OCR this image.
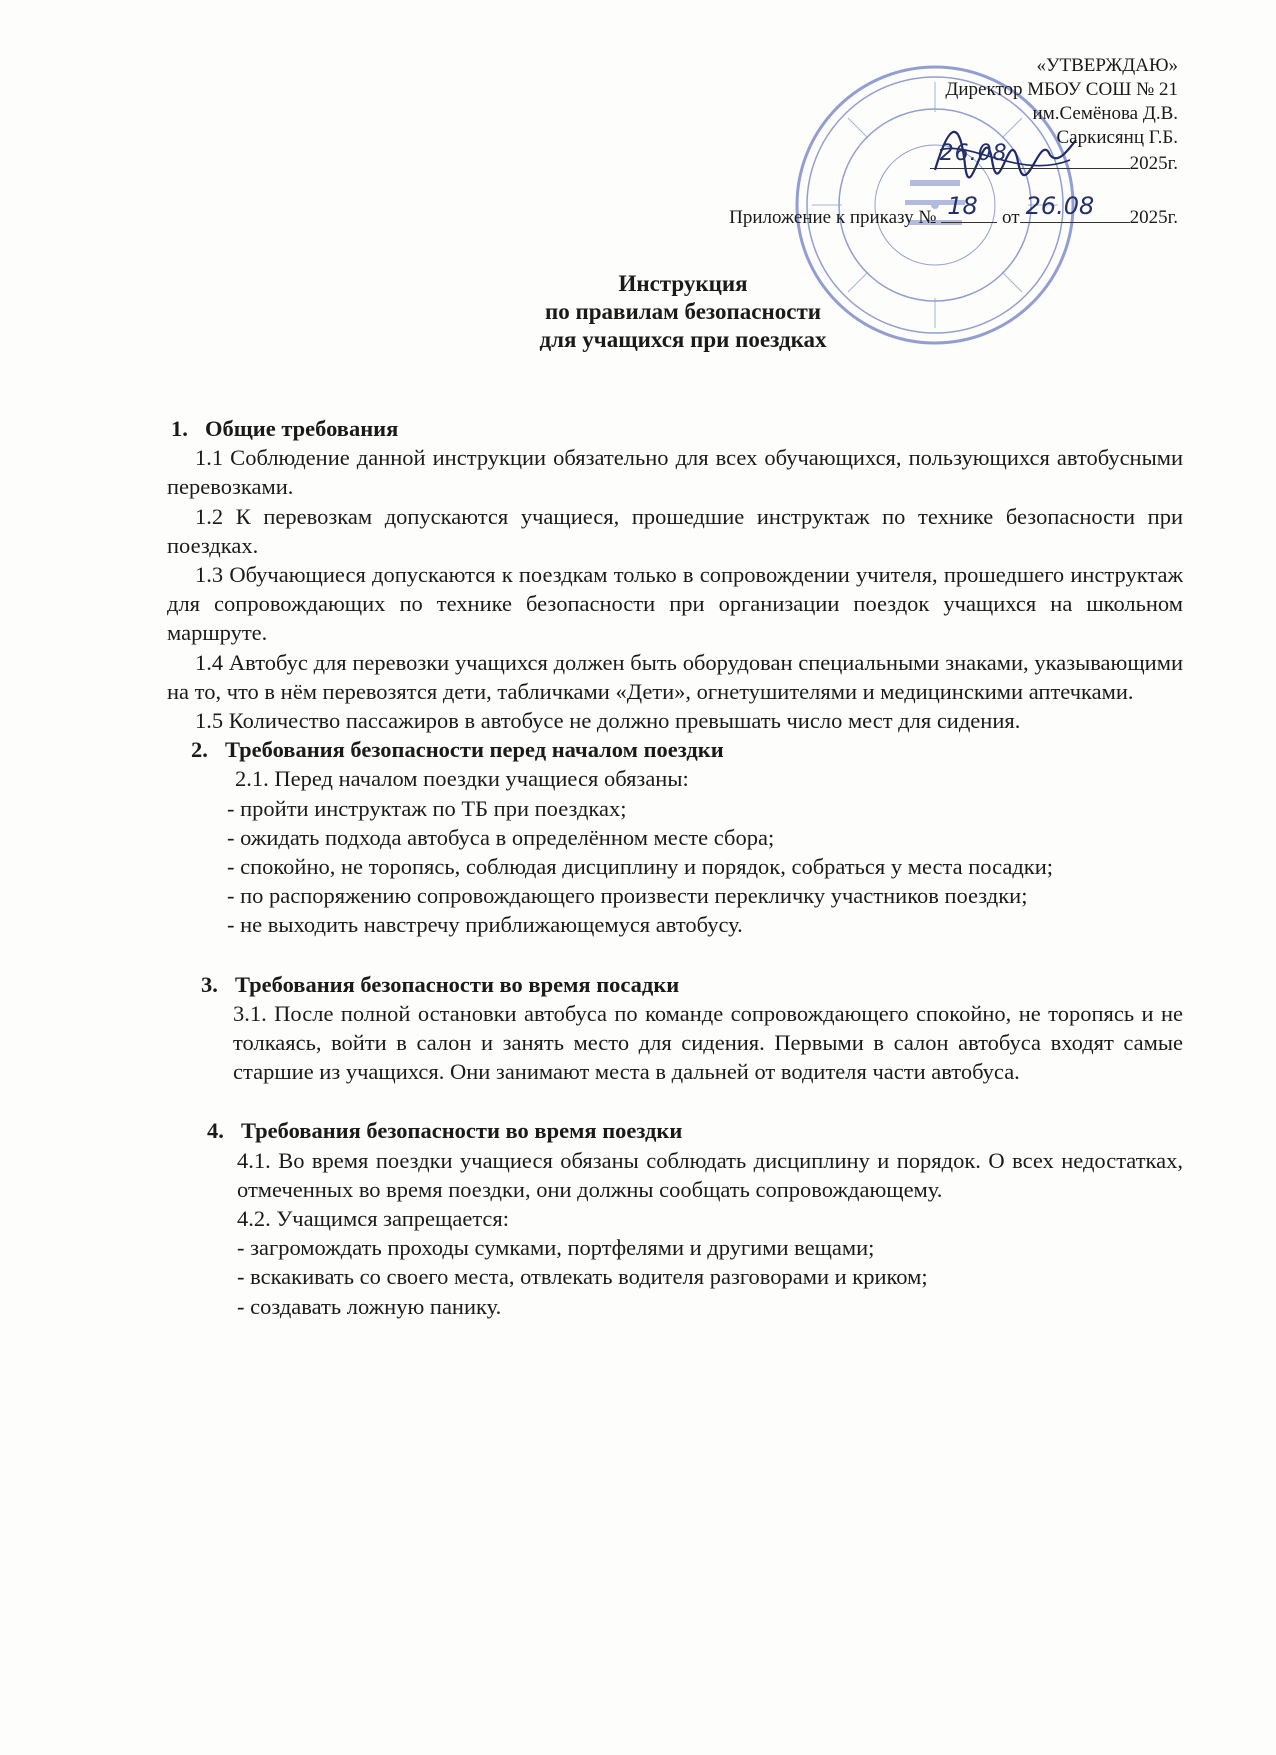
«УТВЕРЖДАЮ»
Директор МБОУ СОШ № 21
им.Семёнова Д.В.
Саркисянц Г.Б.
26.08	2025г.
Приложение к приказу № 18 от 26.08 2025г.
Инструкция
по правилам безопасности
для учащихся при поездках
1. Общие требования

1.1 Соблюдение данной инструкции обязательно для всех обучающихся, пользующихся автобусными перевозками.

1.2 К перевозкам допускаются учащиеся, прошедшие инструктаж по технике безопасности при поездках.

1.3 Обучающиеся допускаются к поездкам только в сопровождении учителя, прошедшего инструктаж для сопровождающих по технике безопасности при организации поездок учащихся на школьном маршруте.

1.4 Автобус для перевозки учащихся должен быть оборудован специальными знаками, указывающими на то, что в нём перевозятся дети, табличками «Дети», огнетушителями и медицинскими аптечками.

1.5 Количество пассажиров в автобусе не должно превышать число мест для сидения.

2. Требования безопасности перед началом поездки

2.1. Перед началом поездки учащиеся обязаны:

- пройти инструктаж по ТБ при поездках;

- ожидать подхода автобуса в определённом месте сбора;

- спокойно, не торопясь, соблюдая дисциплину и порядок, собраться у места посадки;

- по распоряжению сопровождающего произвести перекличку участников поездки;

- не выходить навстречу приближающемуся автобусу.

3. Требования безопасности во время посадки

3.1. После полной остановки автобуса по команде сопровождающего спокойно, не торопясь и не толкаясь, войти в салон и занять место для сидения. Первыми в салон автобуса входят самые старшие из учащихся. Они занимают места в дальней от водителя части автобуса.

4. Требования безопасности во время поездки

4.1. Во время поездки учащиеся обязаны соблюдать дисциплину и порядок. О всех недостатках, отмеченных во время поездки, они должны сообщать сопровождающему.

4.2. Учащимся запрещается:

- загромождать проходы сумками, портфелями и другими вещами;

- вскакивать со своего места, отвлекать водителя разговорами и криком;

- создавать ложную панику.
